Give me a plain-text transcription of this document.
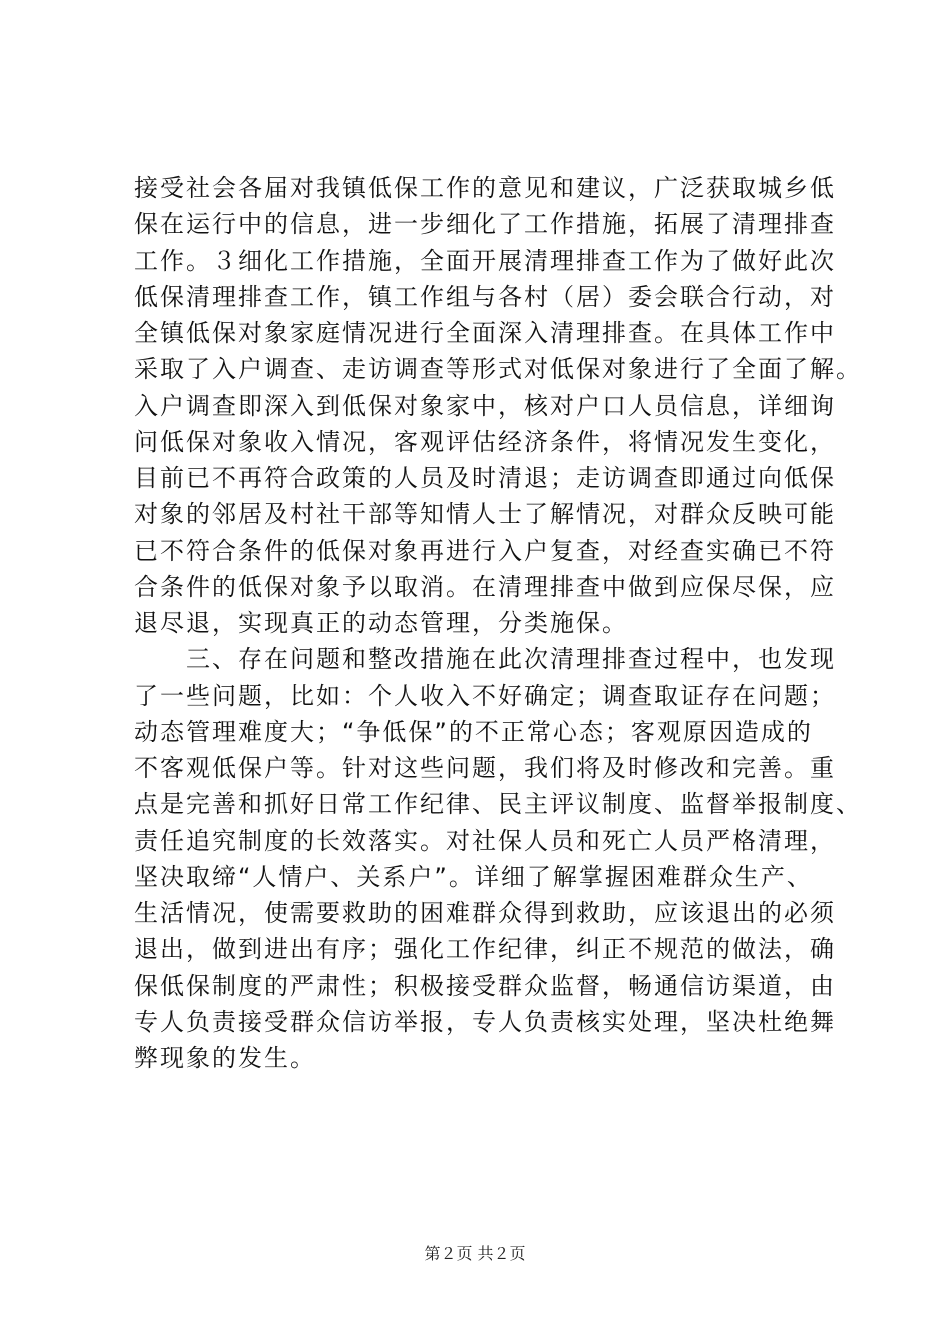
接受社会各届对我镇低保工作的意见和建议，广泛获取城乡低
保在运行中的信息，进一步细化了工作措施，拓展了清理排查
工作。３细化工作措施，全面开展清理排查工作为了做好此次
低保清理排查工作，镇工作组与各村（居）委会联合行动，对
全镇低保对象家庭情况进行全面深入清理排查。在具体工作中
采取了入户调查、走访调查等形式对低保对象进行了全面了解。
入户调查即深入到低保对象家中，核对户口人员信息，详细询
问低保对象收入情况，客观评估经济条件，将情况发生变化，
目前已不再符合政策的人员及时清退；走访调查即通过向低保
对象的邻居及村社干部等知情人士了解情况，对群众反映可能
已不符合条件的低保对象再进行入户复查，对经查实确已不符
合条件的低保对象予以取消。在清理排查中做到应保尽保，应
退尽退，实现真正的动态管理，分类施保。
　　三、存在问题和整改措施在此次清理排查过程中，也发现
了一些问题，比如：个人收入不好确定；调查取证存在问题；
动态管理难度大；“争低保”的不正常心态；客观原因造成的
不客观低保户等。针对这些问题，我们将及时修改和完善。重
点是完善和抓好日常工作纪律、民主评议制度、监督举报制度、
责任追究制度的长效落实。对社保人员和死亡人员严格清理，
坚决取缔“人情户、关系户”。详细了解掌握困难群众生产、
生活情况，使需要救助的困难群众得到救助，应该退出的必须
退出，做到进出有序；强化工作纪律，纠正不规范的做法，确
保低保制度的严肃性；积极接受群众监督，畅通信访渠道，由
专人负责接受群众信访举报，专人负责核实处理，坚决杜绝舞
弊现象的发生。
第２页 共２页
